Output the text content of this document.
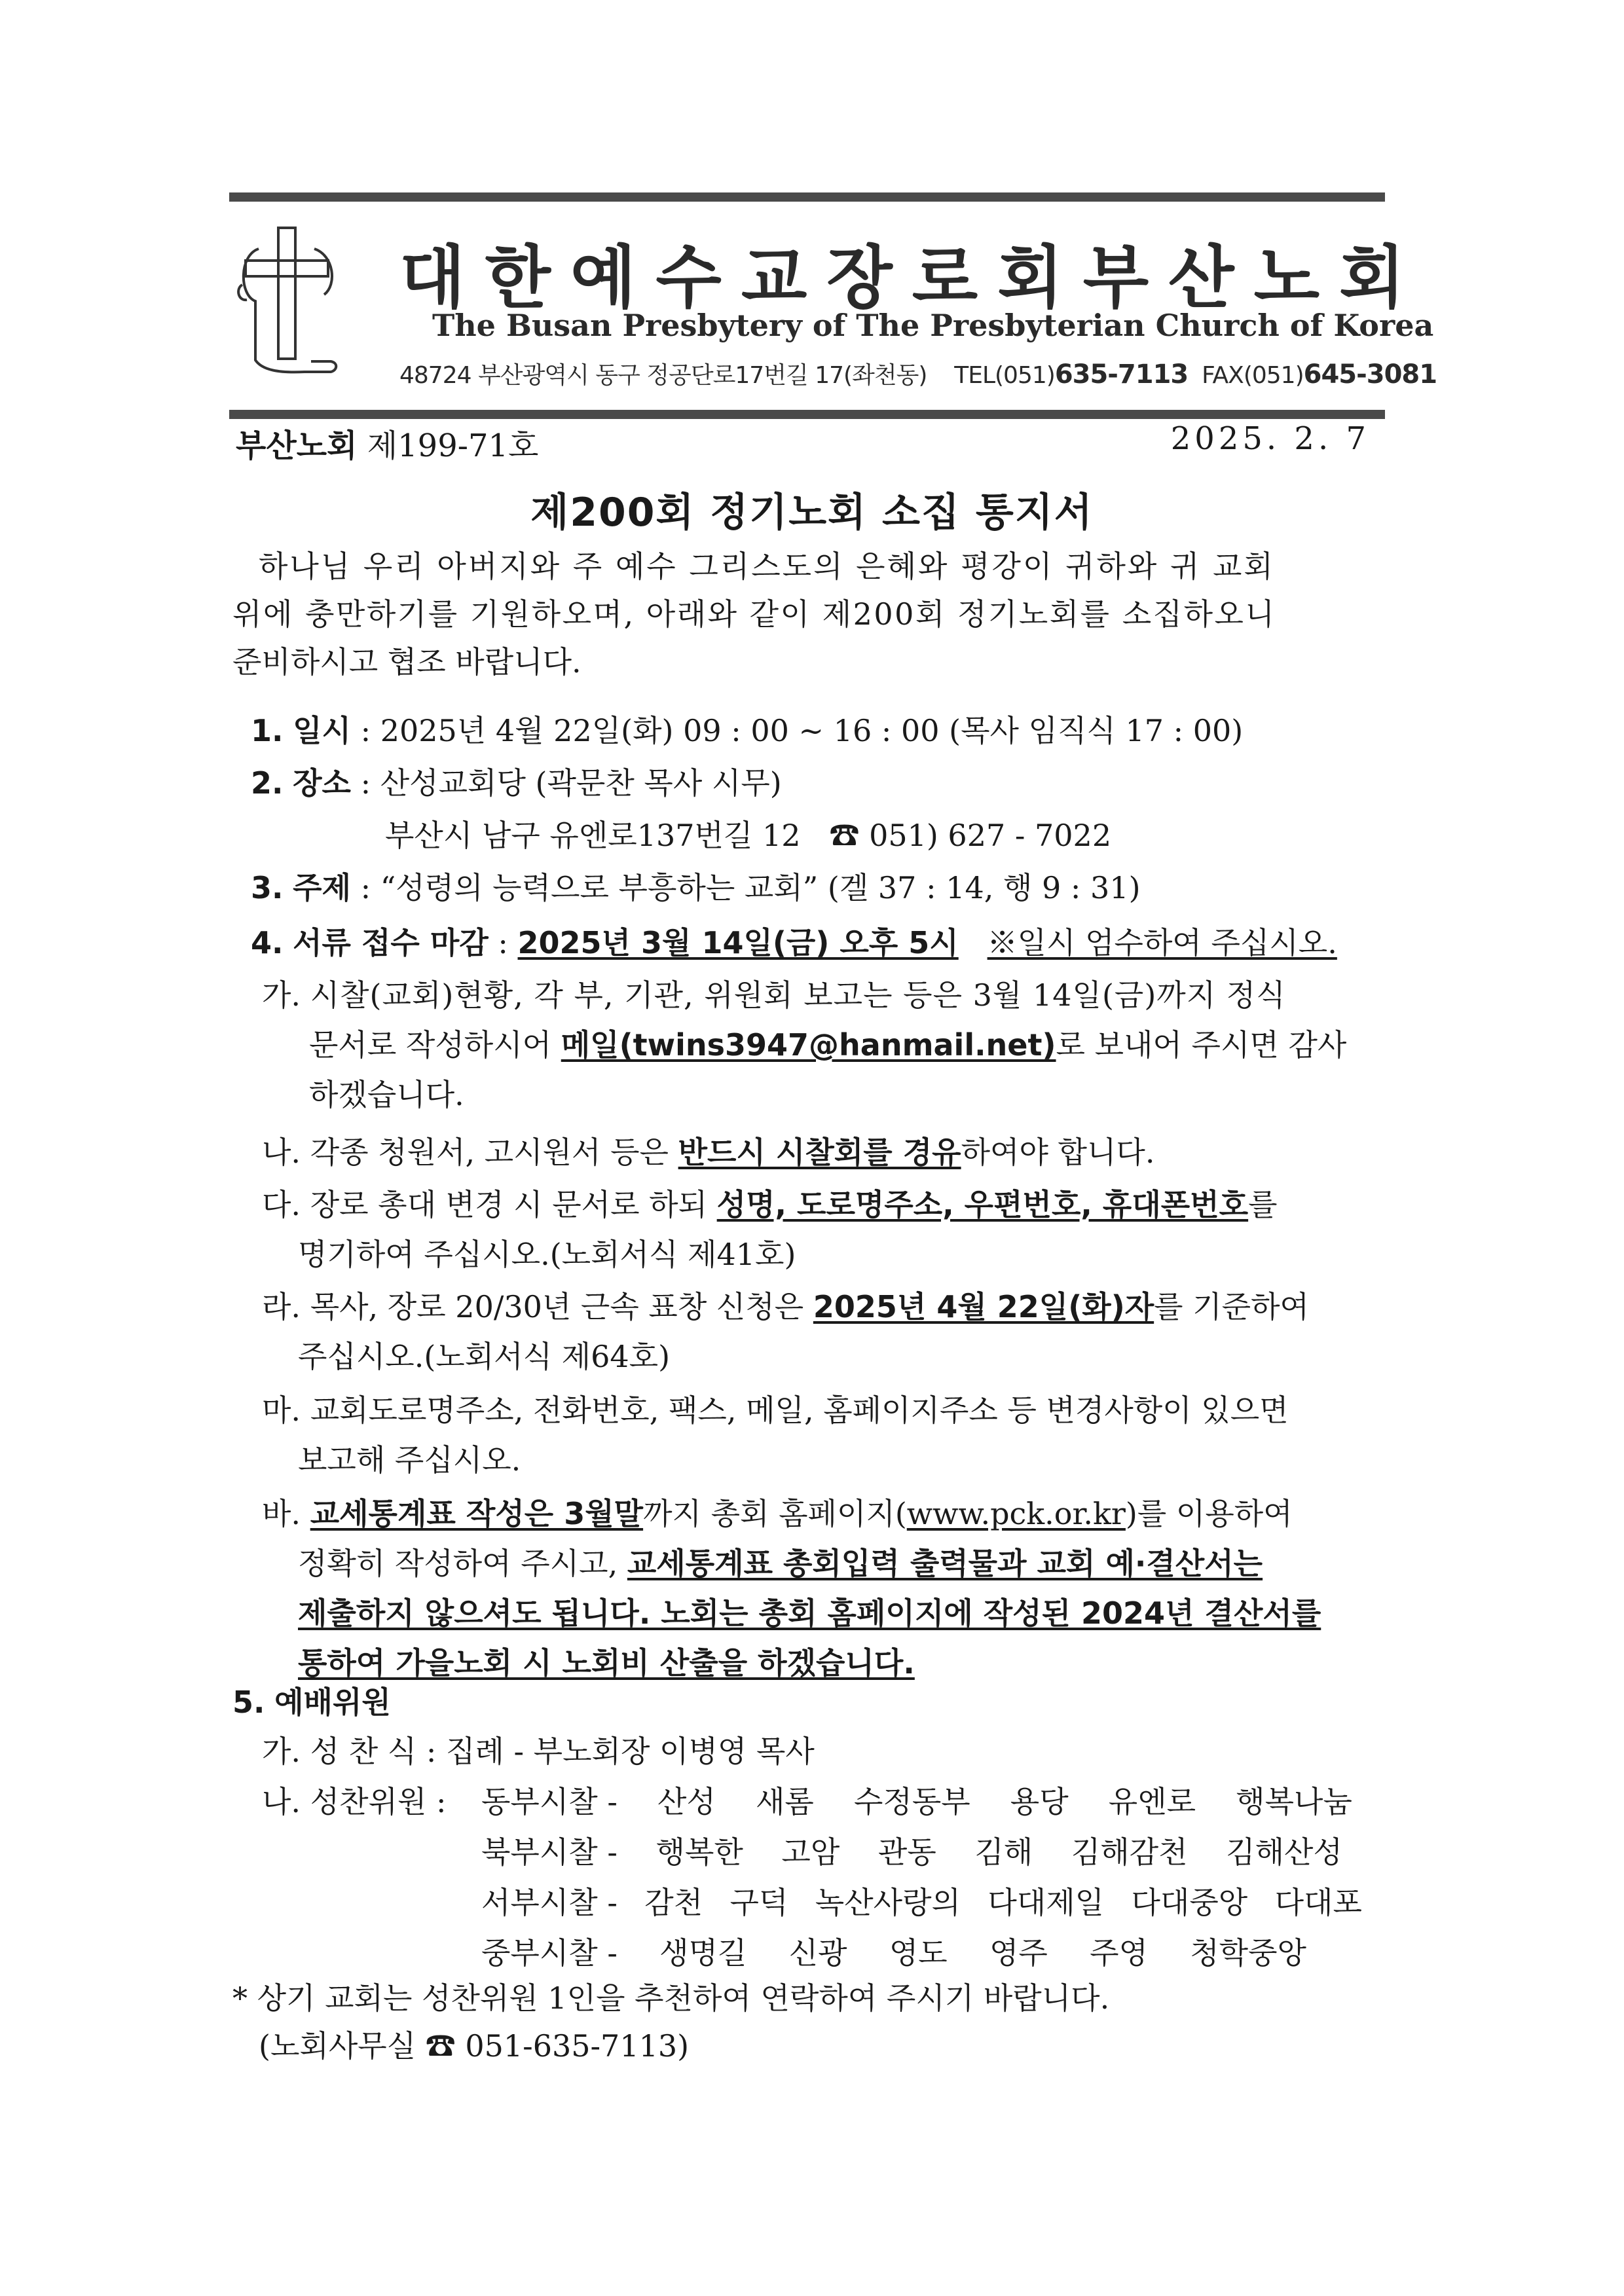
대한예수교장로회부산노회
The Busan Presbytery of The Presbyterian Church of Korea
48724 부산광역시 동구 정공단로17번길 17(좌천동) TEL(051)635-7113 FAX(051)645-3081
부산노회 제199-71호	2025. 2. 7
제200회 정기노회 소집 통지서
하나님 우리 아버지와 주 예수 그리스도의 은혜와 평강이 귀하와 귀 교회
위에 충만하기를 기원하오며, 아래와 같이 제200회 정기노회를 소집하오니
준비하시고 협조 바랍니다.
1. 일시 : 2025년 4월 22일(화) 09 : 00 ~ 16 : 00 (목사 임직식 17 : 00)
2. 장소 : 산성교회당 (곽문찬 목사 시무)
부산시 남구 유엔로137번길 12 ☎ 051) 627 - 7022
3. 주제 : “성령의 능력으로 부흥하는 교회” (겔 37 : 14, 행 9 : 31)
4. 서류 접수 마감 : 2025년 3월 14일(금) 오후 5시 ※일시 엄수하여 주십시오.
가. 시찰(교회)현황, 각 부, 기관, 위원회 보고는 등은 3월 14일(금)까지 정식
문서로 작성하시어 메일(twins3947@hanmail.net)로 보내어 주시면 감사
하겠습니다.
나. 각종 청원서, 고시원서 등은 반드시 시찰회를 경유하여야 합니다.
다. 장로 총대 변경 시 문서로 하되 성명, 도로명주소, 우편번호, 휴대폰번호를
명기하여 주십시오.(노회서식 제41호)
라. 목사, 장로 20/30년 근속 표창 신청은 2025년 4월 22일(화)자를 기준하여
주십시오.(노회서식 제64호)
마. 교회도로명주소, 전화번호, 팩스, 메일, 홈페이지주소 등 변경사항이 있으면
보고해 주십시오.
바. 교세통계표 작성은 3월말까지 총회 홈페이지(www.pck.or.kr)를 이용하여
정확히 작성하여 주시고, 교세통계표 총회입력 출력물과 교회 예·결산서는
제출하지 않으셔도 됩니다. 노회는 총회 홈페이지에 작성된 2024년 결산서를
통하여 가을노회 시 노회비 산출을 하겠습니다.
5. 예배위원
가. 성 찬 식 : 집례 - 부노회장 이병영 목사
나. 성찬위원 : 동부시찰 - 산성 새롬 수정동부 용당 유엔로 행복나눔
북부시찰 - 행복한 고암 관동 김해 김해감천 김해산성
서부시찰 - 감천 구덕 녹산사랑의 다대제일 다대중앙 다대포
중부시찰 - 생명길 신광 영도 영주 주영 청학중앙
* 상기 교회는 성찬위원 1인을 추천하여 연락하여 주시기 바랍니다.
(노회사무실 ☎ 051-635-7113)
